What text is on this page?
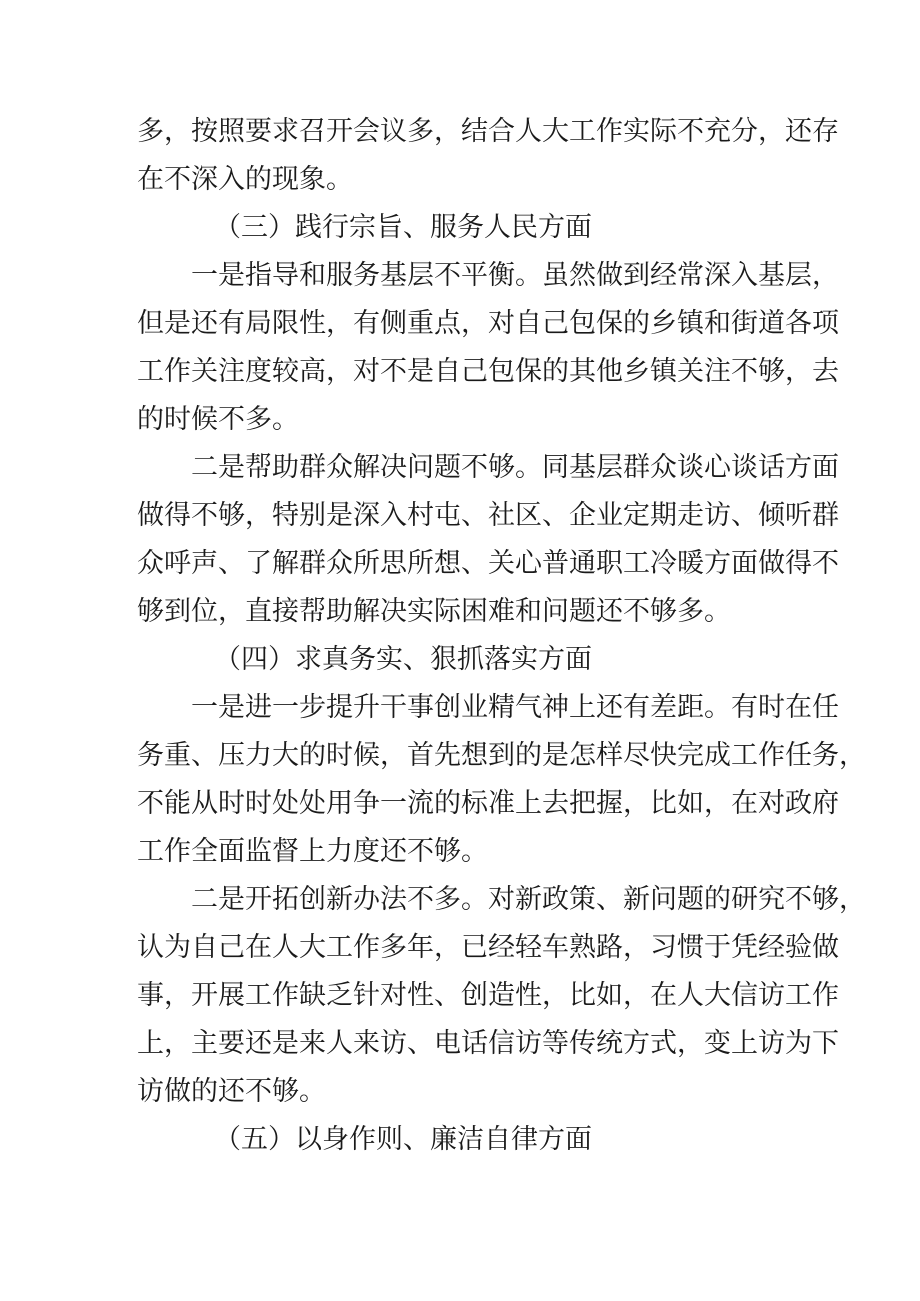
多，按照要求召开会议多，结合人大工作实际不充分，还存
在不深入的现象。
（三）践行宗旨、服务人民方面
一是指导和服务基层不平衡。虽然做到经常深入基层，
但是还有局限性，有侧重点，对自己包保的乡镇和街道各项
工作关注度较高，对不是自己包保的其他乡镇关注不够，去
的时候不多。
二是帮助群众解决问题不够。同基层群众谈心谈话方面
做得不够，特别是深入村屯、社区、企业定期走访、倾听群
众呼声、了解群众所思所想、关心普通职工冷暖方面做得不
够到位，直接帮助解决实际困难和问题还不够多。
（四）求真务实、狠抓落实方面
一是进一步提升干事创业精气神上还有差距。有时在任
务重、压力大的时候，首先想到的是怎样尽快完成工作任务，
不能从时时处处用争一流的标准上去把握，比如，在对政府
工作全面监督上力度还不够。
二是开拓创新办法不多。对新政策、新问题的研究不够，
认为自己在人大工作多年，已经轻车熟路，习惯于凭经验做
事，开展工作缺乏针对性、创造性，比如，在人大信访工作
上，主要还是来人来访、电话信访等传统方式，变上访为下
访做的还不够。
（五）以身作则、廉洁自律方面
